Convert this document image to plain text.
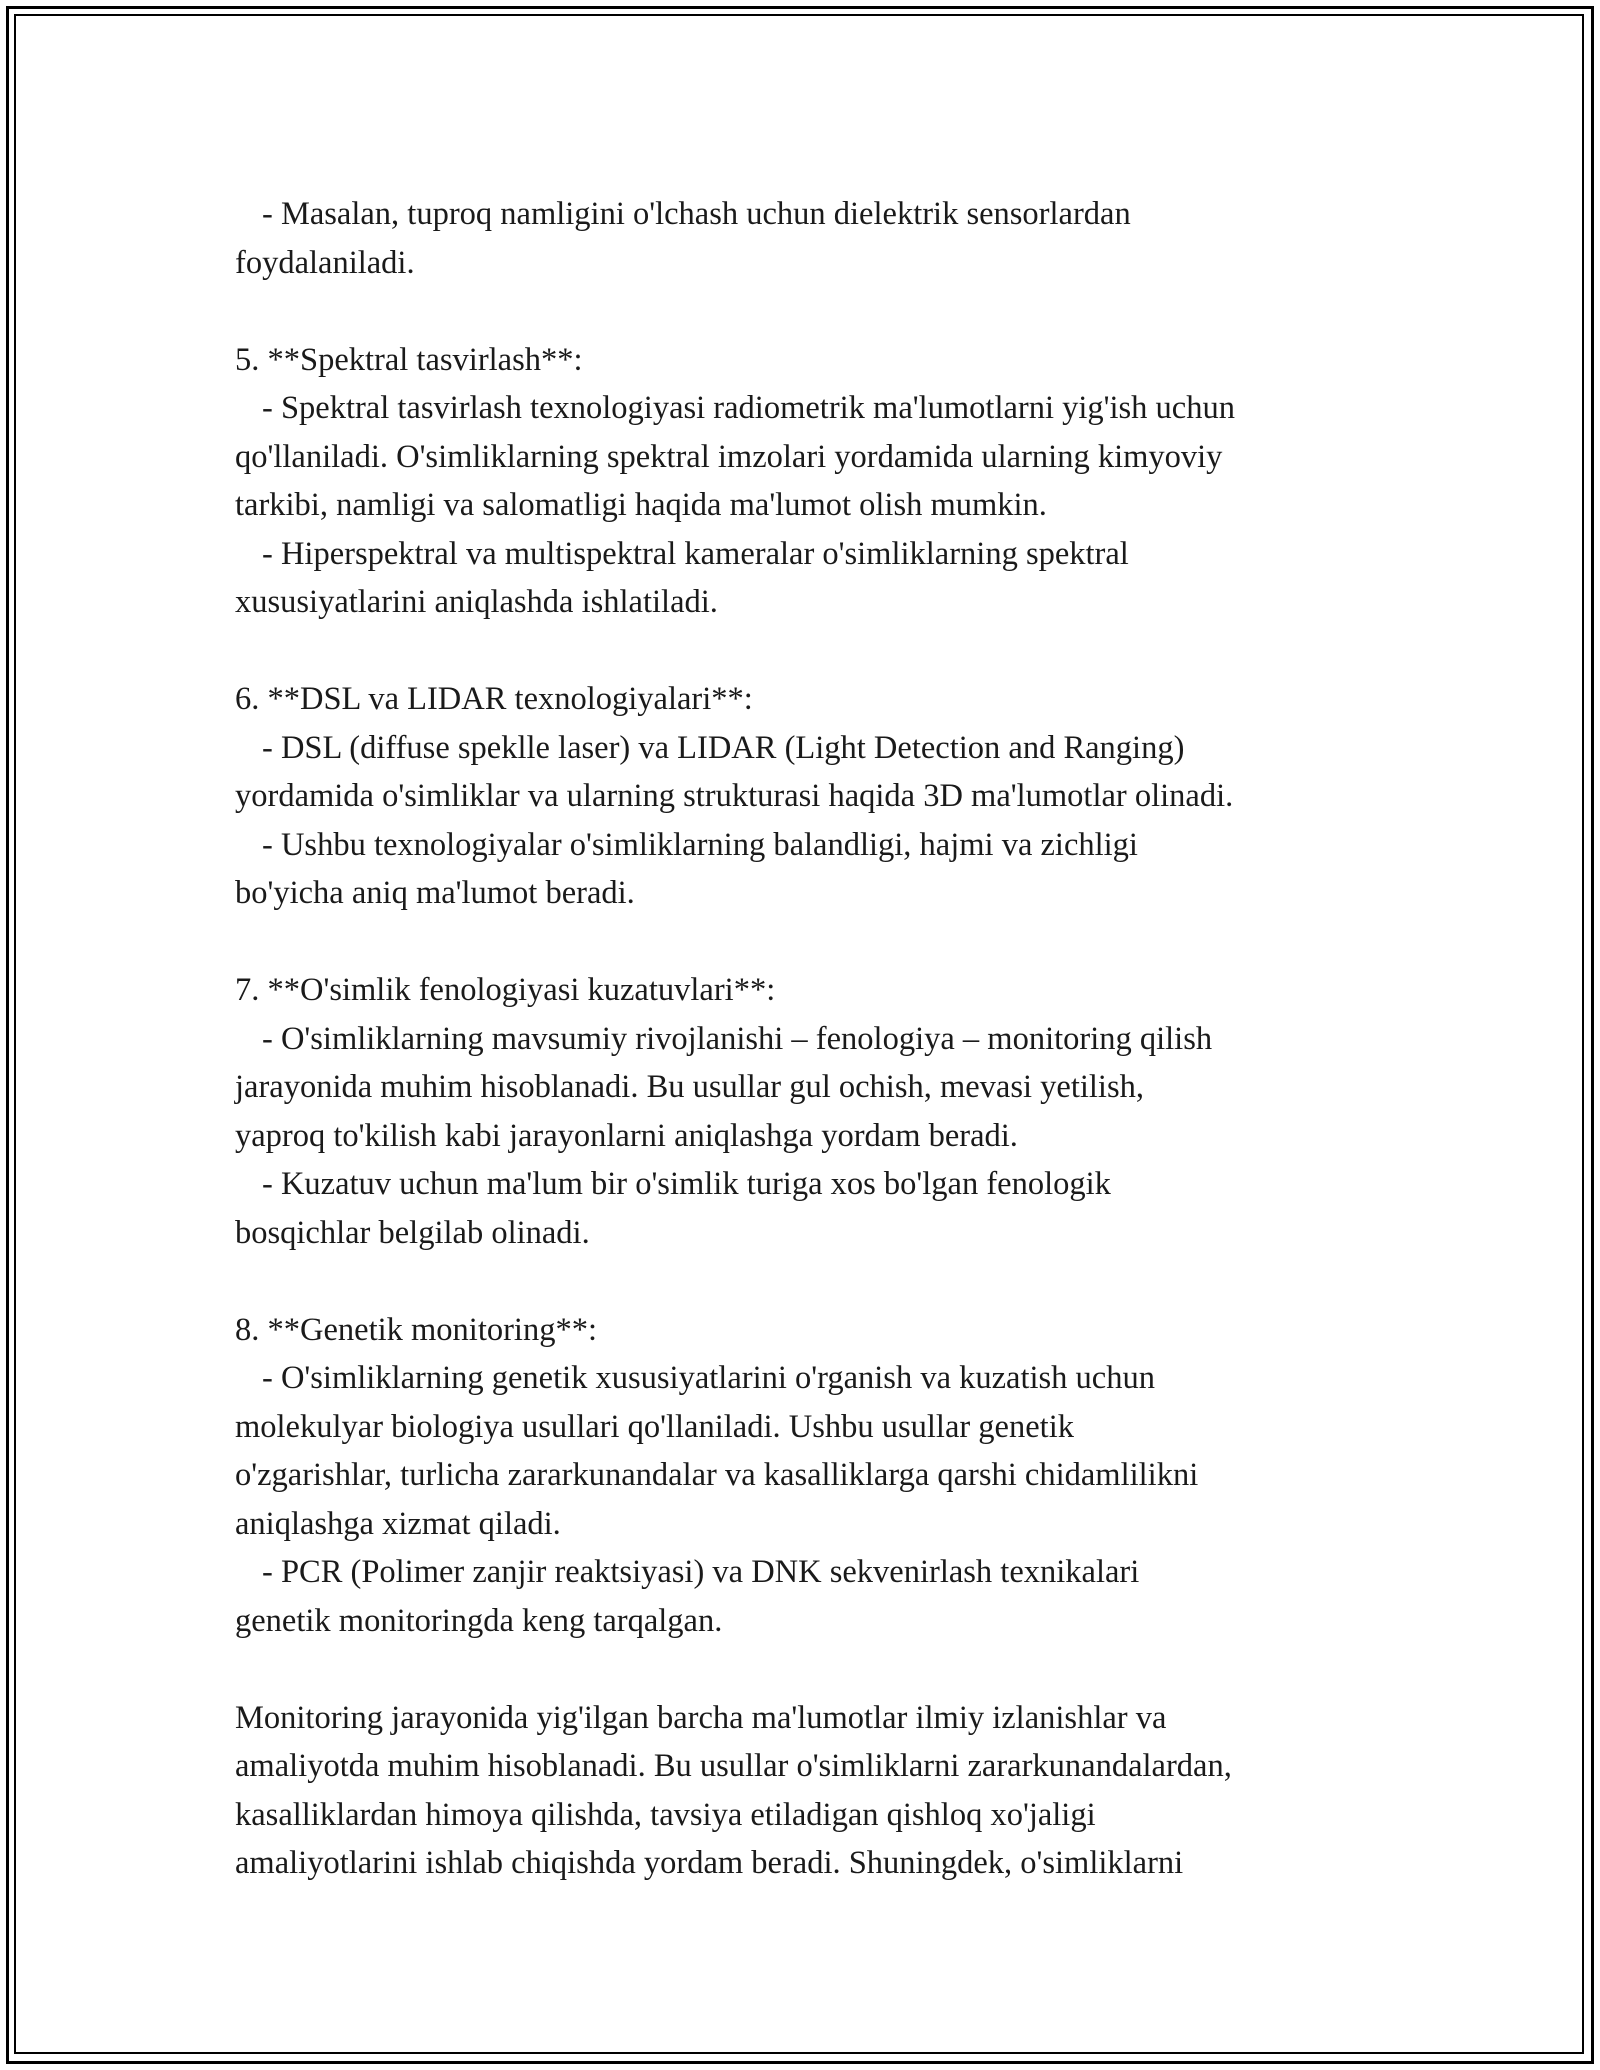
- Masalan, tuproq namligini o'lchash uchun dielektrik sensorlardan
foydalaniladi.
5. **Spektral tasvirlash**:
- Spektral tasvirlash texnologiyasi radiometrik ma'lumotlarni yig'ish uchun
qo'llaniladi. O'simliklarning spektral imzolari yordamida ularning kimyoviy
tarkibi, namligi va salomatligi haqida ma'lumot olish mumkin.
- Hiperspektral va multispektral kameralar o'simliklarning spektral
xususiyatlarini aniqlashda ishlatiladi.
6. **DSL va LIDAR texnologiyalari**:
- DSL (diffuse speklle laser) va LIDAR (Light Detection and Ranging)
yordamida o'simliklar va ularning strukturasi haqida 3D ma'lumotlar olinadi.
- Ushbu texnologiyalar o'simliklarning balandligi, hajmi va zichligi
bo'yicha aniq ma'lumot beradi.
7. **O'simlik fenologiyasi kuzatuvlari**:
- O'simliklarning mavsumiy rivojlanishi – fenologiya – monitoring qilish
jarayonida muhim hisoblanadi. Bu usullar gul ochish, mevasi yetilish,
yaproq to'kilish kabi jarayonlarni aniqlashga yordam beradi.
- Kuzatuv uchun ma'lum bir o'simlik turiga xos bo'lgan fenologik
bosqichlar belgilab olinadi.
8. **Genetik monitoring**:
- O'simliklarning genetik xususiyatlarini o'rganish va kuzatish uchun
molekulyar biologiya usullari qo'llaniladi. Ushbu usullar genetik
o'zgarishlar, turlicha zararkunandalar va kasalliklarga qarshi chidamlilikni
aniqlashga xizmat qiladi.
- PCR (Polimer zanjir reaktsiyasi) va DNK sekvenirlash texnikalari
genetik monitoringda keng tarqalgan.
Monitoring jarayonida yig'ilgan barcha ma'lumotlar ilmiy izlanishlar va
amaliyotda muhim hisoblanadi. Bu usullar o'simliklarni zararkunandalardan,
kasalliklardan himoya qilishda, tavsiya etiladigan qishloq xo'jaligi
amaliyotlarini ishlab chiqishda yordam beradi. Shuningdek, o'simliklarni
